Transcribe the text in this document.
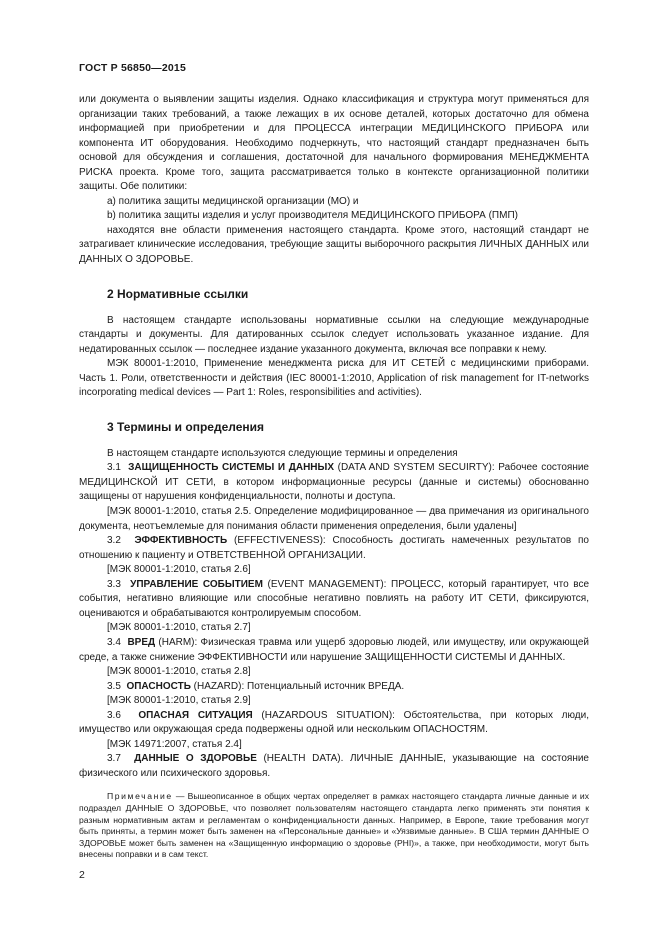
ГОСТ Р 56850—2015

или документа о выявлении защиты изделия. Однако классификация и структура могут применяться для организации таких требований, а также лежащих в их основе деталей, которых достаточно для обмена информацией при приобретении и для ПРОЦЕССА интеграции МЕДИЦИНСКОГО ПРИБОРА или компонента ИТ оборудования. Необходимо подчеркнуть, что настоящий стандарт предназначен быть основой для обсуждения и соглашения, достаточной для начального формирования МЕНЕДЖМЕНТА РИСКА проекта. Кроме того, защита рассматривается только в контексте организационной политики защиты. Обе политики:

а) политика защиты медицинской организации (МО) и

b) политика защиты изделия и услуг производителя МЕДИЦИНСКОГО ПРИБОРА (ПМП)

находятся вне области применения настоящего стандарта. Кроме этого, настоящий стандарт не затрагивает клинические исследования, требующие защиты выборочного раскрытия ЛИЧНЫХ ДАННЫХ или ДАННЫХ О ЗДОРОВЬЕ.

2 Нормативные ссылки

В настоящем стандарте использованы нормативные ссылки на следующие международные стандарты и документы. Для датированных ссылок следует использовать указанное издание. Для недатированных ссылок — последнее издание указанного документа, включая все поправки к нему.

МЭК 80001-1:2010, Применение менеджмента риска для ИТ СЕТЕЙ с медицинскими приборами. Часть 1. Роли, ответственности и действия (IEC 80001-1:2010, Application of risk management for IT-networks incorporating medical devices — Part 1: Roles, responsibilities and activities).

3 Термины и определения

В настоящем стандарте используются следующие термины и определения

3.1 ЗАЩИЩЕННОСТЬ СИСТЕМЫ И ДАННЫХ (DATA AND SYSTEM SECUIRTY): Рабочее состояние МЕДИЦИНСКОЙ ИТ СЕТИ, в котором информационные ресурсы (данные и системы) обоснованно защищены от нарушения конфиденциальности, полноты и доступа.

[МЭК 80001-1:2010, статья 2.5. Определение модифицированное — два примечания из оригинального документа, неотъемлемые для понимания области применения определения, были удалены]

3.2 ЭФФЕКТИВНОСТЬ (EFFECTIVENESS): Способность достигать намеченных результатов по отношению к пациенту и ОТВЕТСТВЕННОЙ ОРГАНИЗАЦИИ.

[МЭК 80001-1:2010, статья 2.6]

3.3 УПРАВЛЕНИЕ СОБЫТИЕМ (EVENT MANAGEMENT): ПРОЦЕСС, который гарантирует, что все события, негативно влияющие или способные негативно повлиять на работу ИТ СЕТИ, фиксируются, оцениваются и обрабатываются контролируемым способом.

[МЭК 80001-1:2010, статья 2.7]

3.4 ВРЕД (HARM): Физическая травма или ущерб здоровью людей, или имуществу, или окружающей среде, а также снижение ЭФФЕКТИВНОСТИ или нарушение ЗАЩИЩЕННОСТИ СИСТЕМЫ И ДАННЫХ.

[МЭК 80001-1:2010, статья 2.8]

3.5 ОПАСНОСТЬ (HAZARD): Потенциальный источник ВРЕДА.

[МЭК 80001-1:2010, статья 2.9]

3.6 ОПАСНАЯ СИТУАЦИЯ (HAZARDOUS SITUATION): Обстоятельства, при которых люди, имущество или окружающая среда подвержены одной или нескольким ОПАСНОСТЯМ.

[МЭК 14971:2007, статья 2.4]

3.7 ДАННЫЕ О ЗДОРОВЬЕ (HEALTH DATA). ЛИЧНЫЕ ДАННЫЕ, указывающие на состояние физического или психического здоровья.

Примечание — Вышеописанное в общих чертах определяет в рамках настоящего стандарта личные данные и их подраздел ДАННЫЕ О ЗДОРОВЬЕ, что позволяет пользователям настоящего стандарта легко применять эти понятия к разным нормативным актам и регламентам о конфиденциальности данных. Например, в Европе, такие требования могут быть приняты, а термин может быть заменен на «Персональные данные» и «Уязвимые данные». В США термин ДАННЫЕ О ЗДОРОВЬЕ может быть заменен на «Защищенную информацию о здоровье (PHI)», а также, при необходимости, могут быть внесены поправки и в сам текст.

2
